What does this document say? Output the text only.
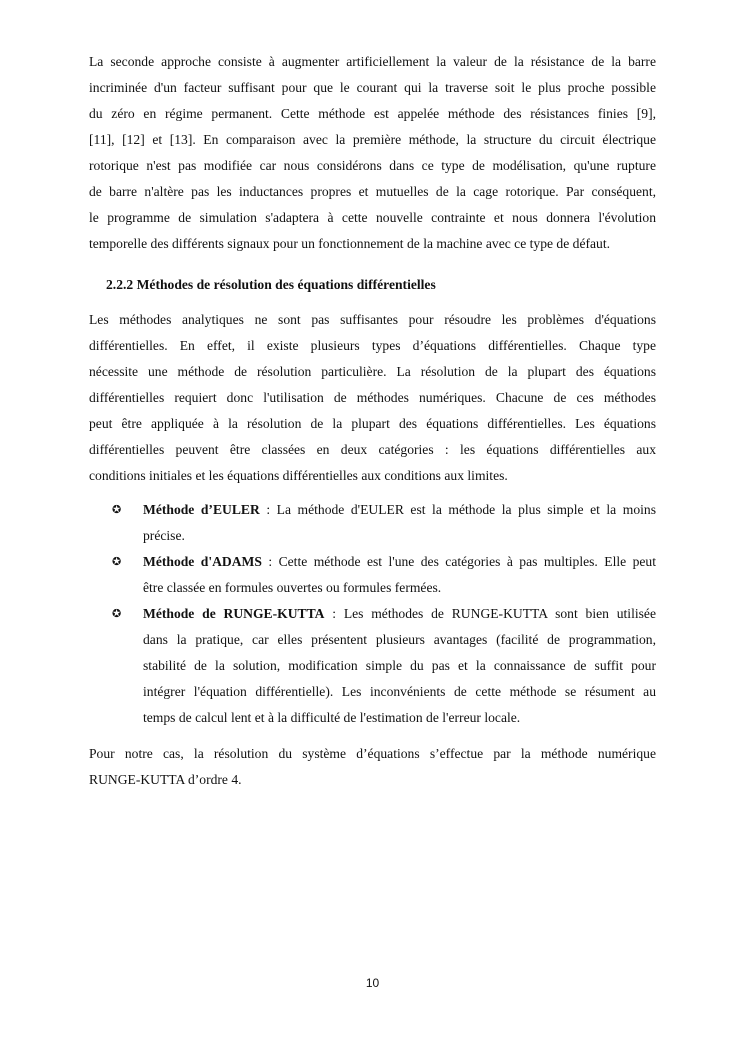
La seconde approche consiste à augmenter artificiellement la valeur de la résistance de la barre
incriminée d'un facteur suffisant pour que le courant qui la traverse soit le plus proche possible
du zéro en régime permanent. Cette méthode est appelée méthode des résistances finies [9],
[11], [12] et [13]. En comparaison avec la première méthode, la structure du circuit électrique
rotorique n'est pas modifiée car nous considérons dans ce type de modélisation, qu'une rupture
de barre n'altère pas les inductances propres et mutuelles de la cage rotorique. Par conséquent,
le programme de simulation s'adaptera à cette nouvelle contrainte et nous donnera l'évolution
temporelle des différents signaux pour un fonctionnement de la machine avec ce type de défaut.
2.2.2 Méthodes de résolution des équations différentielles
Les méthodes analytiques ne sont pas suffisantes pour résoudre les problèmes d'équations
différentielles. En effet, il existe plusieurs types d’équations différentielles. Chaque type
nécessite une méthode de résolution particulière. La résolution de la plupart des équations
différentielles requiert donc l'utilisation de méthodes numériques. Chacune de ces méthodes
peut être appliquée à la résolution de la plupart des équations différentielles. Les équations
différentielles peuvent être classées en deux catégories : les équations différentielles aux
conditions initiales et les équations différentielles aux conditions aux limites.
✪ Méthode d’EULER : La méthode d'EULER est la méthode la plus simple et la moins
précise.
✪ Méthode d'ADAMS : Cette méthode est l'une des catégories à pas multiples. Elle peut
être classée en formules ouvertes ou formules fermées.
✪ Méthode de RUNGE-KUTTA : Les méthodes de RUNGE-KUTTA sont bien utilisée
dans la pratique, car elles présentent plusieurs avantages (facilité de programmation,
stabilité de la solution, modification simple du pas et la connaissance de suffit pour
intégrer l'équation différentielle). Les inconvénients de cette méthode se résument au
temps de calcul lent et à la difficulté de l'estimation de l'erreur locale.
Pour notre cas, la résolution du système d’équations s’effectue par la méthode numérique
RUNGE-KUTTA d’ordre 4.
10
